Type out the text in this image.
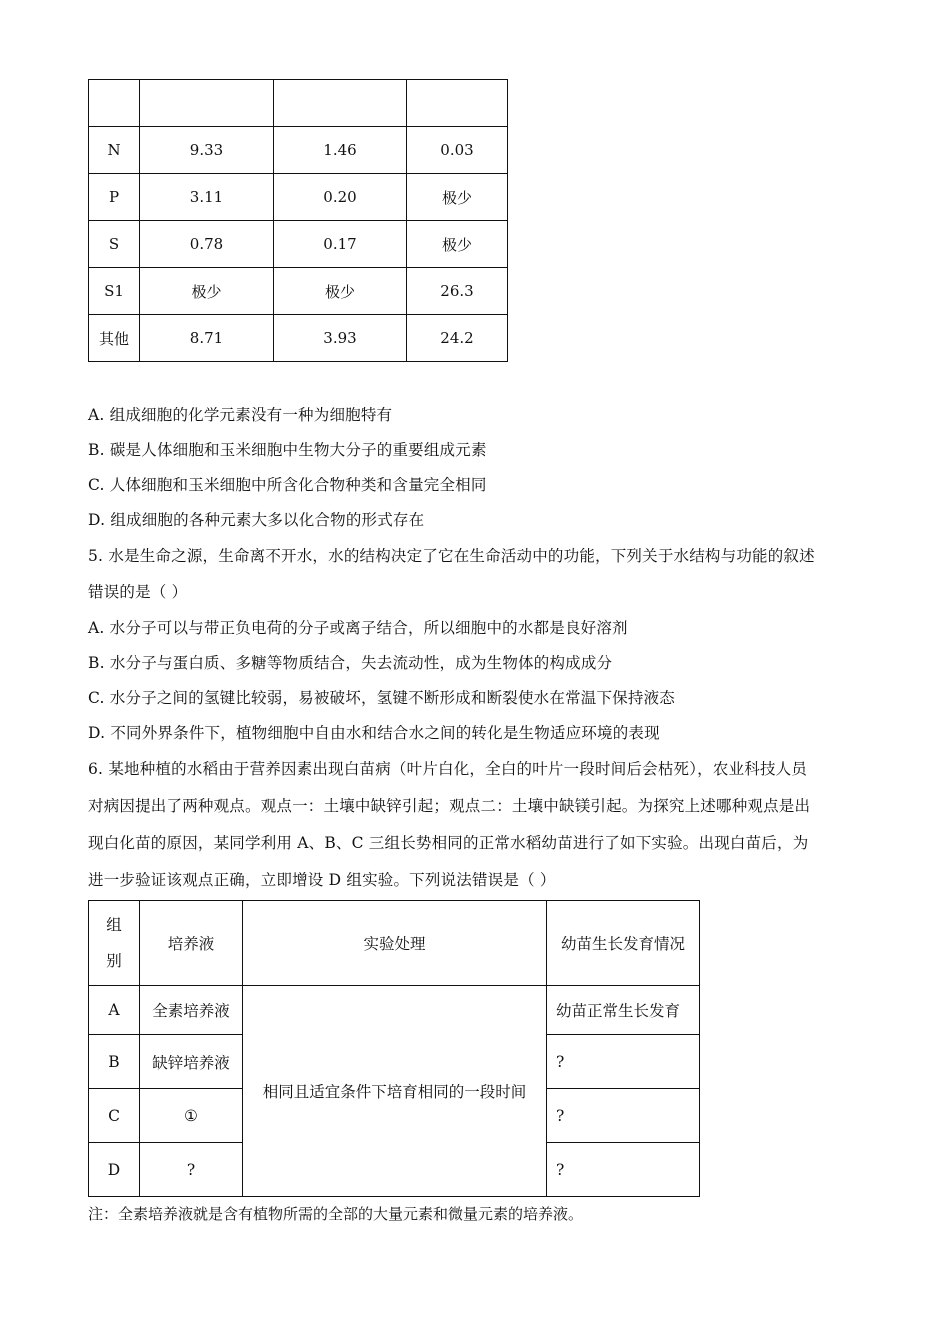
N	9.33	1.46	0.03
P	3.11	0.20	极少
S	0.78	0.17	极少
S1	极少	极少	26.3
其他	8.71	3.93	24.2
A. 组成细胞的化学元素没有一种为细胞特有
B. 碳是人体细胞和玉米细胞中生物大分子的重要组成元素
C. 人体细胞和玉米细胞中所含化合物种类和含量完全相同
D. 组成细胞的各种元素大多以化合物的形式存在
5. 水是生命之源，生命离不开水，水的结构决定了它在生命活动中的功能，下列关于水结构与功能的叙述
错误的是（ ）
A. 水分子可以与带正负电荷的分子或离子结合，所以细胞中的水都是良好溶剂
B. 水分子与蛋白质、多糖等物质结合，失去流动性，成为生物体的构成成分
C. 水分子之间的氢键比较弱，易被破坏，氢键不断形成和断裂使水在常温下保持液态
D. 不同外界条件下，植物细胞中自由水和结合水之间的转化是生物适应环境的表现
6. 某地种植的水稻由于营养因素出现白苗病（叶片白化，全白的叶片一段时间后会枯死），农业科技人员
对病因提出了两种观点。观点一：土壤中缺锌引起；观点二：土壤中缺镁引起。为探究上述哪种观点是出
现白化苗的原因，某同学利用 A、B、C 三组长势相同的正常水稻幼苗进行了如下实验。出现白苗后，为
进一步验证该观点正确，立即增设 D 组实验。下列说法错误是（ ）
组
别	培养液	实验处理	幼苗生长发育情况
A	全素培养液	相同且适宜条件下培育相同的一段时间	幼苗正常生长发育
B	缺锌培养液		?
C	①		?
D	?		?
注：全素培养液就是含有植物所需的全部的大量元素和微量元素的培养液。
